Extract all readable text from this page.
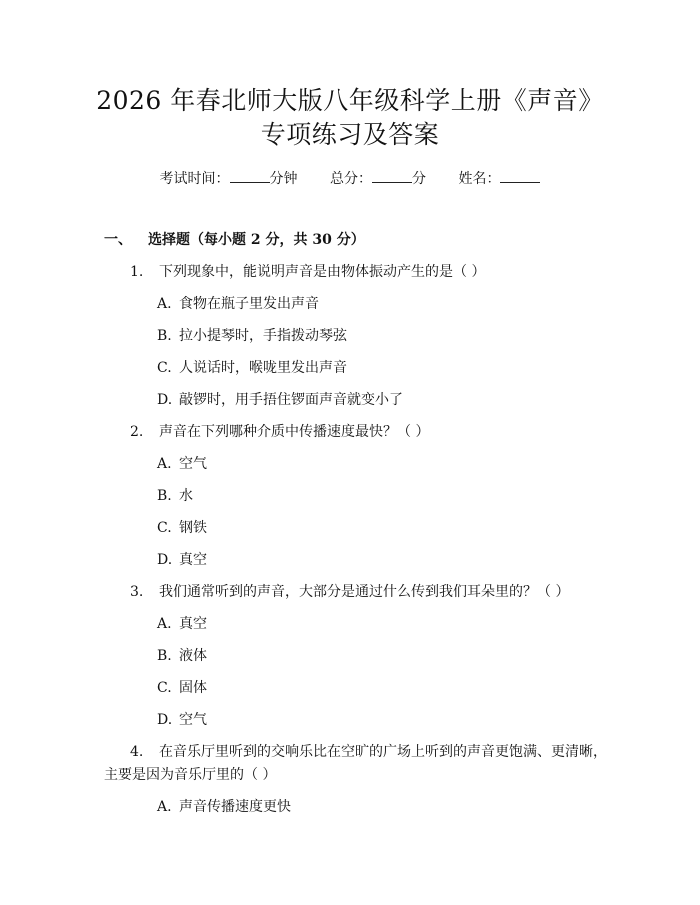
2026 年春北师大版八年级科学上册《声音》
专项练习及答案
考试时间：	分钟 总分：	分 姓名：
一、 选择题（每小题 2 分，共 30 分）
1. 下列现象中，能说明声音是由物体振动产生的是（ ）
A. 食物在瓶子里发出声音
B. 拉小提琴时，手指拨动琴弦
C. 人说话时，喉咙里发出声音
D. 敲锣时，用手捂住锣面声音就变小了
2. 声音在下列哪种介质中传播速度最快？（ ）
A. 空气
B. 水
C. 钢铁
D. 真空
3. 我们通常听到的声音，大部分是通过什么传到我们耳朵里的？（ ）
A. 真空
B. 液体
C. 固体
D. 空气
4. 在音乐厅里听到的交响乐比在空旷的广场上听到的声音更饱满、更清晰，
主要是因为音乐厅里的（ ）
A. 声音传播速度更快
